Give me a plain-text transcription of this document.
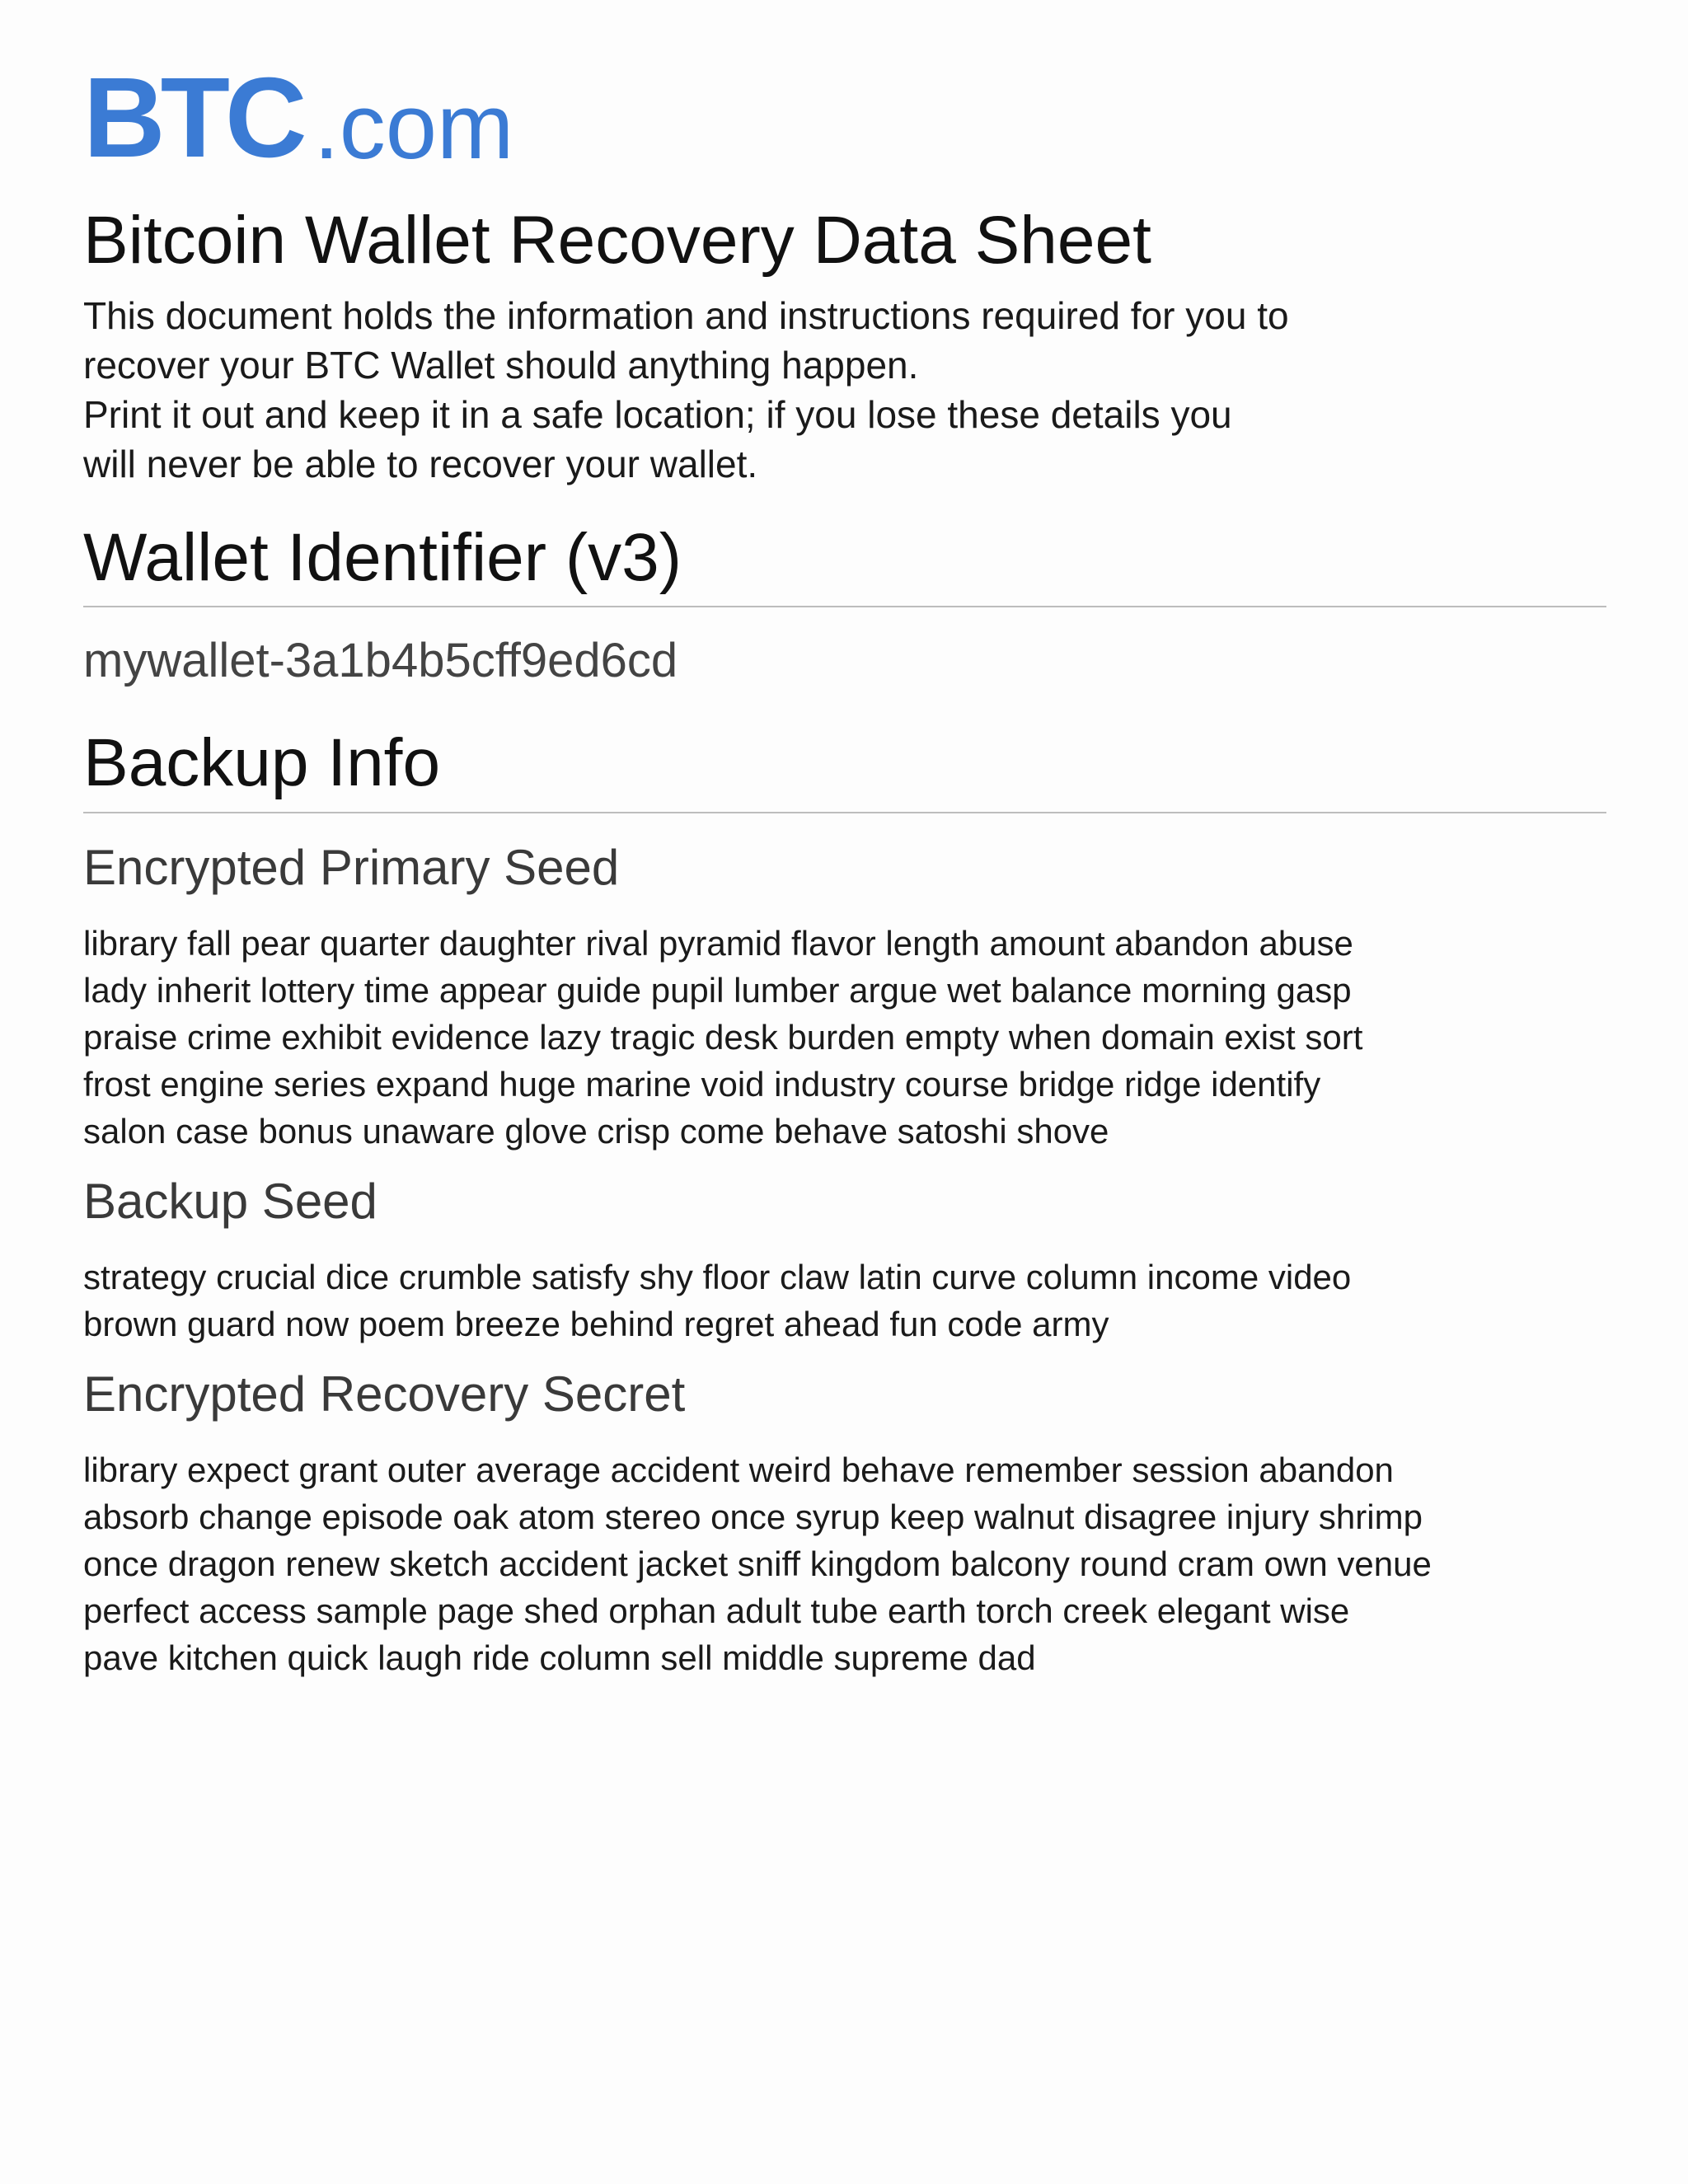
BTC .com
Bitcoin Wallet Recovery Data Sheet

This document holds the information and instructions required for you to

recover your BTC Wallet should anything happen.

Print it out and keep it in a safe location; if you lose these details you

will never be able to recover your wallet.

Wallet Identifier (v3)
mywallet-3a1b4b5cff9ed6cd
Backup Info
Encrypted Primary Seed
library fall pear quarter daughter rival pyramid flavor length amount abandon abuse
lady inherit lottery time appear guide pupil lumber argue wet balance morning gasp
praise crime exhibit evidence lazy tragic desk burden empty when domain exist sort
frost engine series expand huge marine void industry course bridge ridge identify
salon case bonus unaware glove crisp come behave satoshi shove
Backup Seed
strategy crucial dice crumble satisfy shy floor claw latin curve column income video
brown guard now poem breeze behind regret ahead fun code army
Encrypted Recovery Secret
library expect grant outer average accident weird behave remember session abandon
absorb change episode oak atom stereo once syrup keep walnut disagree injury shrimp
once dragon renew sketch accident jacket sniff kingdom balcony round cram own venue
perfect access sample page shed orphan adult tube earth torch creek elegant wise
pave kitchen quick laugh ride column sell middle supreme dad
